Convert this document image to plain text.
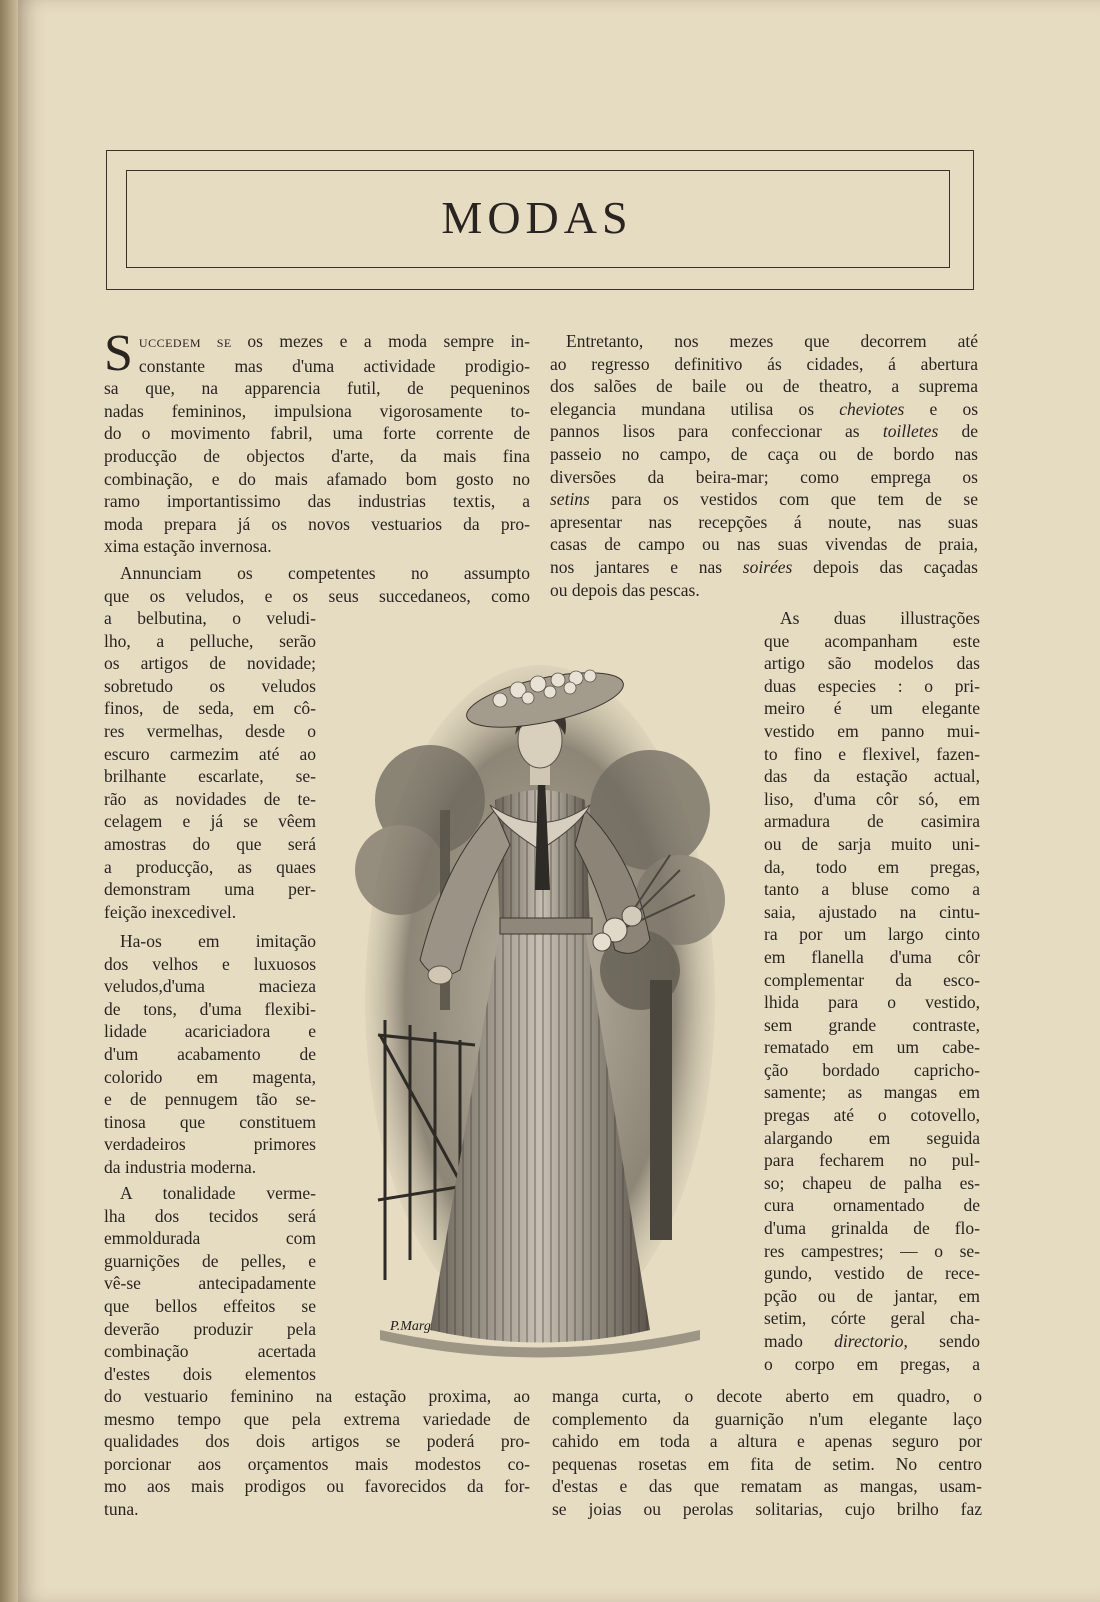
MODAS
S UCCEDEM SE os mezes e a moda sempre in-
constante mas d'uma actividade prodigio-
sa que, na apparencia futil, de pequeninos
nadas femininos, impulsiona vigorosamente to-
do o movimento fabril, uma forte corrente de
producção de objectos d'arte, da mais fina
combinação, e do mais afamado bom gosto no
ramo importantissimo das industrias textis, a
moda prepara já os novos vestuarios da pro-
xima estação invernosa.
Annunciam os competentes no assumpto
que os veludos, e os seus succedaneos, como
a belbutina, o veludi-
lho, a pelluche, serão
os artigos de novidade;
sobretudo os veludos
finos, de seda, em cô-
res vermelhas, desde o
escuro carmezim até ao
brilhante escarlate, se-
rão as novidades de te-
celagem e já se vêem
amostras do que será
a producção, as quaes
demonstram uma per-
feição inexcedivel.
Ha-os em imitação
dos velhos e luxuosos
veludos,d'uma macieza
de tons, d'uma flexibi-
lidade acariciadora e
d'um acabamento de
colorido em magenta,
e de pennugem tão se-
tinosa que constituem
verdadeiros primores
da industria moderna.
A tonalidade verme-
lha dos tecidos será
emmoldurada com
guarnições de pelles, e
vê-se antecipadamente
que bellos effeitos se
deverão produzir pela
combinação acertada
d'estes dois elementos
do vestuario feminino na estação proxima, ao
mesmo tempo que pela extrema variedade de
qualidades dos dois artigos se poderá pro-
porcionar aos orçamentos mais modestos co-
mo aos mais prodigos ou favorecidos da for-
tuna.
Entretanto, nos mezes que decorrem até
ao regresso definitivo ás cidades, á abertura
dos salões de baile ou de theatro, a suprema
elegancia mundana utilisa os cheviotes e os
pannos lisos para confeccionar as toilletes de
passeio no campo, de caça ou de bordo nas
diversões da beira-mar; como emprega os
setins para os vestidos com que tem de se
apresentar nas recepções á noute, nas suas
casas de campo ou nas suas vivendas de praia,
nos jantares e nas soirées depois das caçadas
ou depois das pescas.
As duas illustrações
que acompanham este
artigo são modelos das
duas especies : o pri-
meiro é um elegante
vestido em panno mui-
to fino e flexivel, fazen-
das da estação actual,
liso, d'uma côr só, em
armadura de casimira
ou de sarja muito uni-
da, todo em pregas,
tanto a bluse como a
saia, ajustado na cintu-
ra por um largo cinto
em flanella d'uma côr
complementar da esco-
lhida para o vestido,
sem grande contraste,
rematado em um cabe-
ção bordado capricho-
samente; as mangas em
pregas até o cotovello,
alargando em seguida
para fecharem no pul-
so; chapeu de palha es-
cura ornamentado de
d'uma grinalda de flo-
res campestres; — o se-
gundo, vestido de rece-
pção ou de jantar, em
setim, córte geral cha-
mado directorio, sendo
o corpo em pregas, a
manga curta, o decote aberto em quadro, o
complemento da guarnição n'um elegante laço
cahido em toda a altura e apenas seguro por
pequenas rosetas em fita de setim. No centro
d'estas e das que rematam as mangas, usam-
se joias ou perolas solitarias, cujo brilho faz
P.Marg
